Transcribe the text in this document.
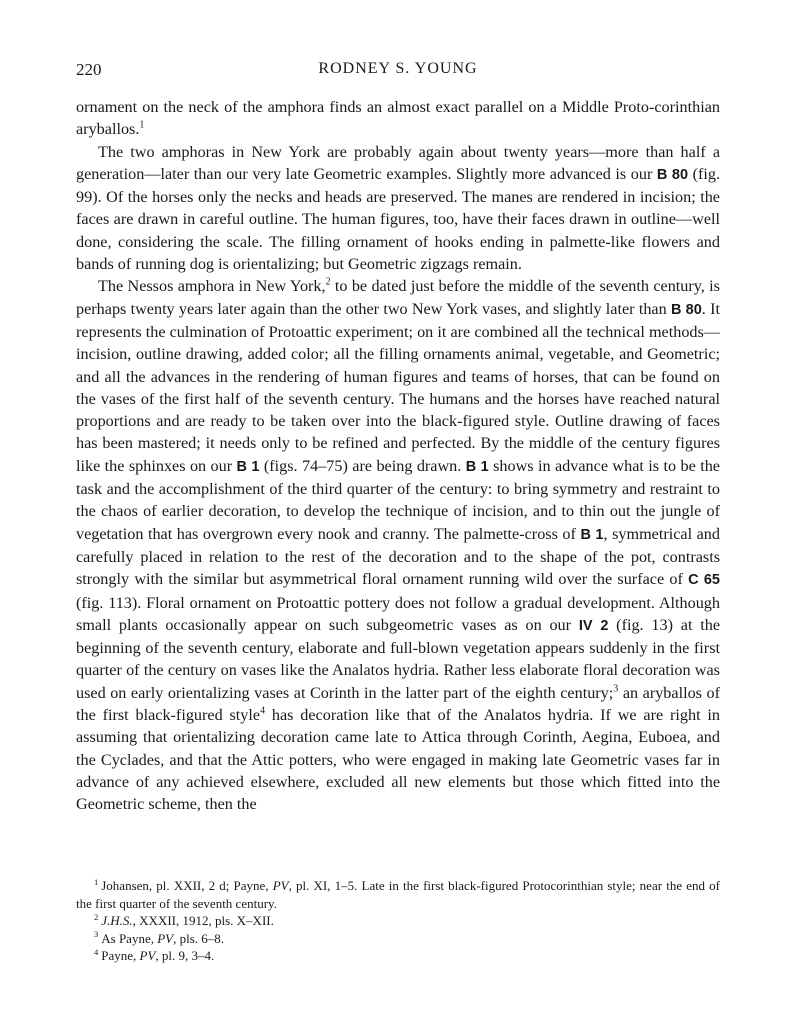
220	RODNEY S. YOUNG

ornament on the neck of the amphora finds an almost exact parallel on a Middle Proto-corinthian aryballos.$^1$

The two amphoras in New York are probably again about twenty years—more than half a generation—later than our very late Geometric examples. Slightly more advanced is our B 80 (fig. 99). Of the horses only the necks and heads are preserved. The manes are rendered in incision; the faces are drawn in careful outline. The human figures, too, have their faces drawn in outline—well done, considering the scale. The filling ornament of hooks ending in palmette-like flowers and bands of running dog is orientalizing; but Geometric zigzags remain.

The Nessos amphora in New York,$^2$ to be dated just before the middle of the seventh century, is perhaps twenty years later again than the other two New York vases, and slightly later than B 80. It represents the culmination of Protoattic experiment; on it are combined all the technical methods—incision, outline drawing, added color; all the filling ornaments animal, vegetable, and Geometric; and all the advances in the rendering of human figures and teams of horses, that can be found on the vases of the first half of the seventh century. The humans and the horses have reached natural proportions and are ready to be taken over into the black-figured style. Outline drawing of faces has been mastered; it needs only to be refined and perfected. By the middle of the century figures like the sphinxes on our B 1 (figs. 74–75) are being drawn. B 1 shows in advance what is to be the task and the accomplishment of the third quarter of the century: to bring symmetry and restraint to the chaos of earlier decoration, to develop the technique of incision, and to thin out the jungle of vegetation that has overgrown every nook and cranny. The palmette-cross of B 1, symmetrical and carefully placed in relation to the rest of the decoration and to the shape of the pot, contrasts strongly with the similar but asymmetrical floral ornament running wild over the surface of C 65 (fig. 113). Floral ornament on Protoattic pottery does not follow a gradual development. Although small plants occasionally appear on such subgeometric vases as on our IV 2 (fig. 13) at the beginning of the seventh century, elaborate and full-blown vegetation appears suddenly in the first quarter of the century on vases like the Analatos hydria. Rather less elaborate floral decoration was used on early orientalizing vases at Corinth in the latter part of the eighth century;$^3$ an aryballos of the first black-figured style$^4$ has decoration like that of the Analatos hydria. If we are right in assuming that orientalizing decoration came late to Attica through Corinth, Aegina, Euboea, and the Cyclades, and that the Attic potters, who were engaged in making late Geometric vases far in advance of any achieved elsewhere, excluded all new elements but those which fitted into the Geometric scheme, then the

$^1$ Johansen, pl. XXII, 2 d; Payne, PV, pl. XI, 1–5. Late in the first black-figured Protocorinthian style; near the end of the first quarter of the seventh century.

$^2$ J.H.S., XXXII, 1912, pls. X–XII.

$^3$ As Payne, PV, pls. 6–8.

$^4$ Payne, PV, pl. 9, 3–4.
